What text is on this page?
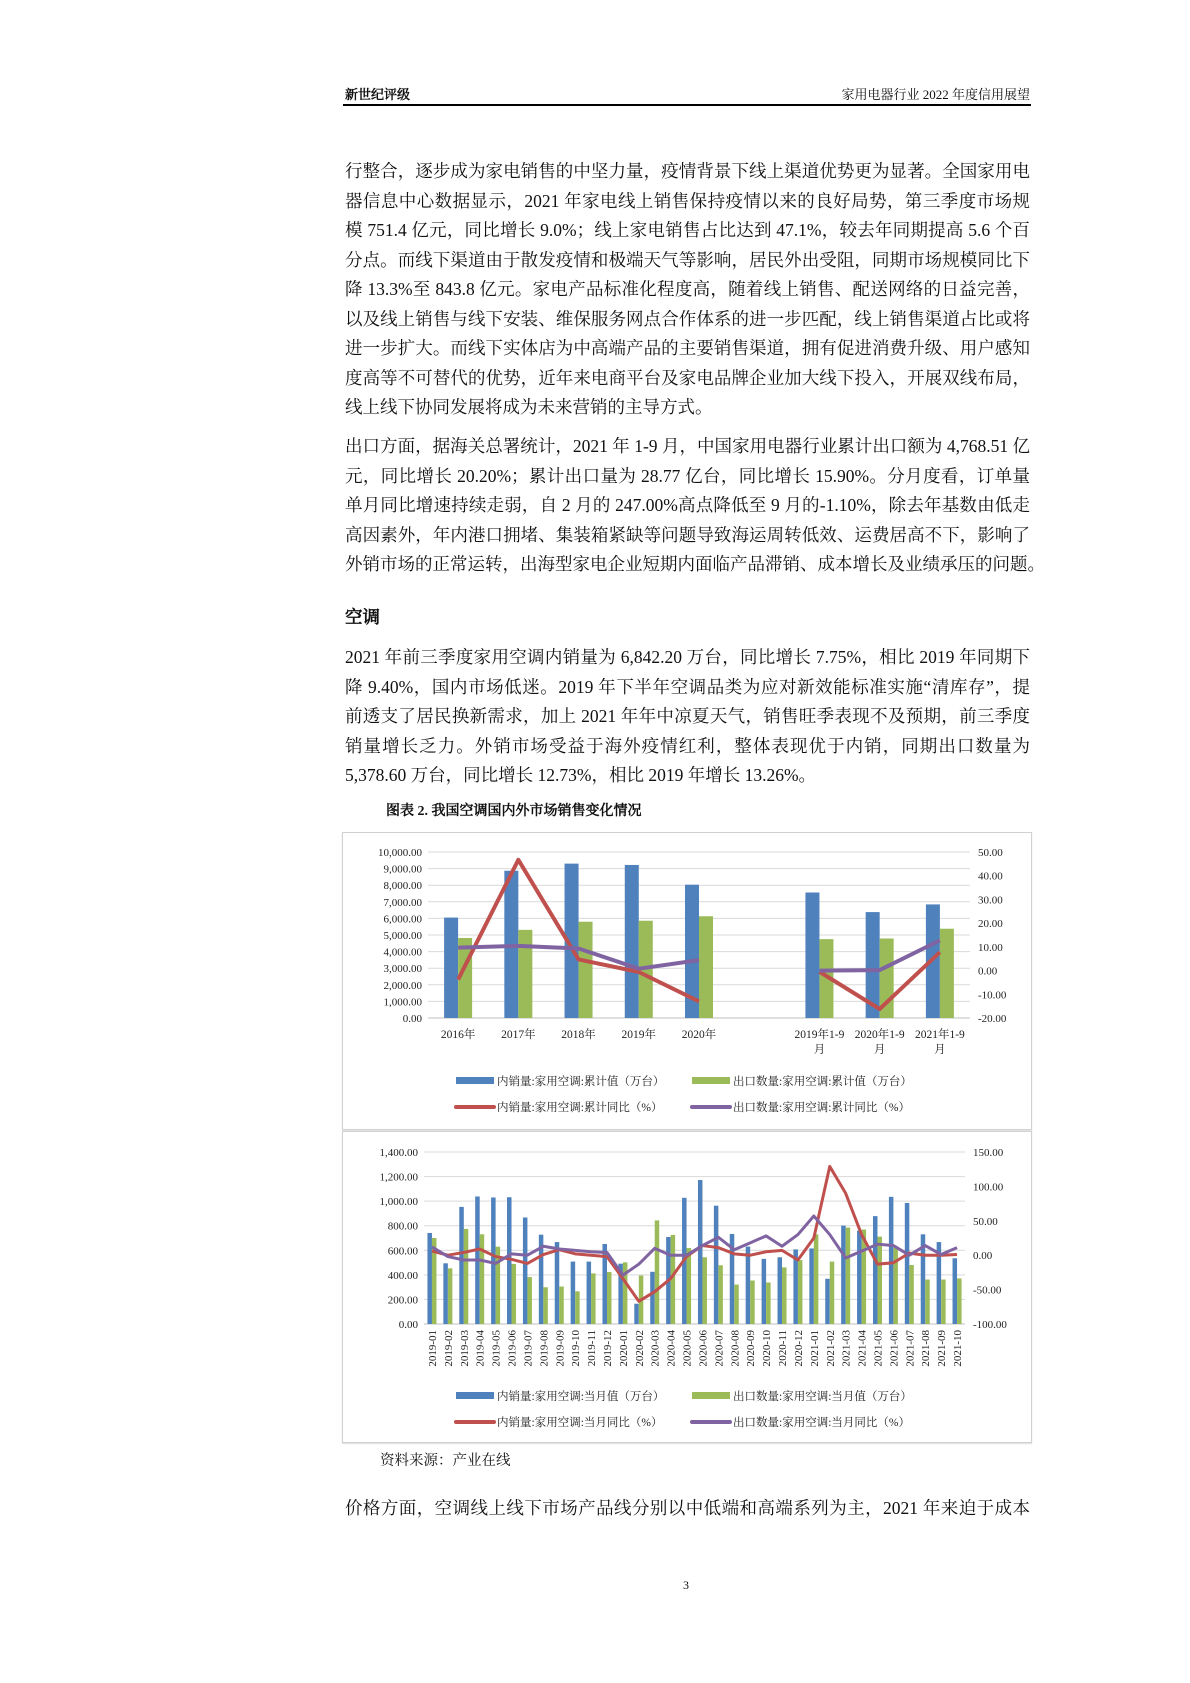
新世纪评级	家用电器行业 2022 年度信用展望
行整合，逐步成为家电销售的中坚力量，疫情背景下线上渠道优势更为显著。全国家用电
器信息中心数据显示，2021 年家电线上销售保持疫情以来的良好局势，第三季度市场规
模 751.4 亿元，同比增长 9.0%；线上家电销售占比达到 47.1%，较去年同期提高 5.6 个百
分点。而线下渠道由于散发疫情和极端天气等影响，居民外出受阻，同期市场规模同比下
降 13.3%至 843.8 亿元。家电产品标准化程度高，随着线上销售、配送网络的日益完善，
以及线上销售与线下安装、维保服务网点合作体系的进一步匹配，线上销售渠道占比或将
进一步扩大。而线下实体店为中高端产品的主要销售渠道，拥有促进消费升级、用户感知
度高等不可替代的优势，近年来电商平台及家电品牌企业加大线下投入，开展双线布局，
线上线下协同发展将成为未来营销的主导方式。
出口方面，据海关总署统计，2021 年 1-9 月，中国家用电器行业累计出口额为 4,768.51 亿
元，同比增长 20.20%；累计出口量为 28.77 亿台，同比增长 15.90%。分月度看，订单量
单月同比增速持续走弱，自 2 月的 247.00%高点降低至 9 月的-1.10%，除去年基数由低走
高因素外，年内港口拥堵、集装箱紧缺等问题导致海运周转低效、运费居高不下，影响了
外销市场的正常运转，出海型家电企业短期内面临产品滞销、成本增长及业绩承压的问题。
空调
2021 年前三季度家用空调内销量为 6,842.20 万台，同比增长 7.75%，相比 2019 年同期下
降 9.40%，国内市场低迷。2019 年下半年空调品类为应对新效能标准实施“清库存”，提
前透支了居民换新需求，加上 2021 年年中凉夏天气，销售旺季表现不及预期，前三季度
销量增长乏力。外销市场受益于海外疫情红利，整体表现优于内销，同期出口数量为
5,378.60 万台，同比增长 12.73%，相比 2019 年增长 13.26%。
图表 2. 我国空调国内外市场销售变化情况
0.00
1,000.00
2,000.00
3,000.00
4,000.00
5,000.00
6,000.00
7,000.00
8,000.00
9,000.00
10,000.00
-20.00
-10.00
0.00
10.00
20.00
30.00
40.00
50.00
2016年 2017年 2018年 2019年 2020年	2019年1-9 月
2020年1-9 月
2021年1-9 月
内销量:家用空调:累计值（万台）	出口数量:家用空调:累计值（万台）
内销量:家用空调:累计同比（%）	出口数量:家用空调:累计同比（%）
0.00
200.00
400.00
600.00
800.00
1,000.00
1,200.00
1,400.00
-100.00
-50.00
0.00
50.00
100.00
150.00
2019-01 2019-02 2019-03 2019-04 2019-05 2019-06 2019-07 2019-08 2019-09 2019-10 2019-11 2019-12 2020-01 2020-02 2020-03 2020-04 2020-05 2020-06 2020-07 2020-08 2020-09 2020-10 2020-11 2020-12 2021-01 2021-02 2021-03 2021-04 2021-05 2021-06 2021-07 2021-08 2021-09 2021-10
内销量:家用空调:当月值（万台）	出口数量:家用空调:当月值（万台）
内销量:家用空调:当月同比（%）	出口数量:家用空调:当月同比（%）
资料来源：产业在线
价格方面，空调线上线下市场产品线分别以中低端和高端系列为主，2021 年来迫于成本
3
